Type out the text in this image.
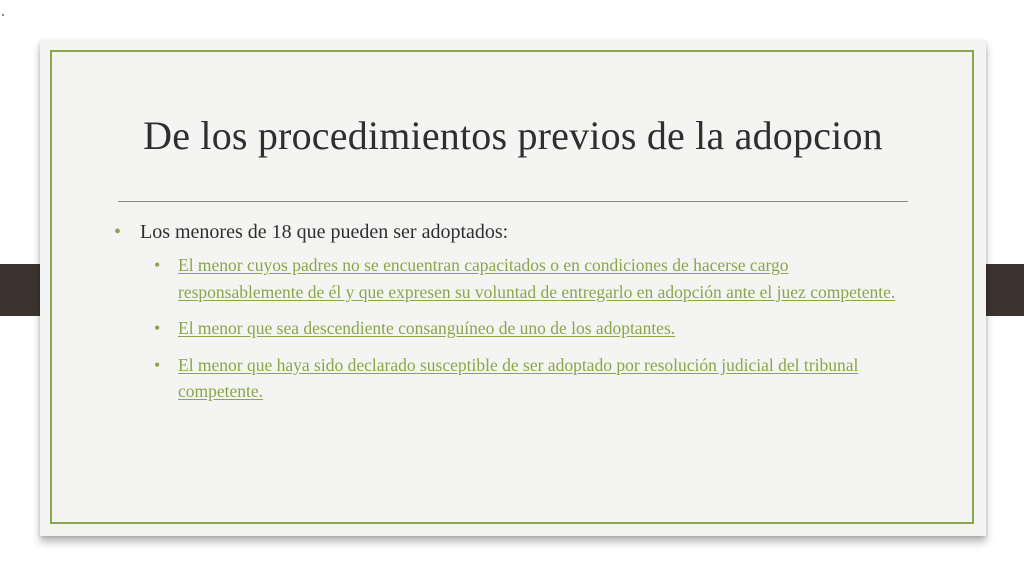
De los procedimientos previos de la adopcion
• Los menores de 18 que pueden ser adoptados:
• El menor cuyos padres no se encuentran capacitados o en condiciones de hacerse cargo responsablemente de él y que expresen su voluntad de entregarlo en adopción ante el juez competente.
• El menor que sea descendiente consanguíneo de uno de los adoptantes.
• El menor que haya sido declarado susceptible de ser adoptado por resolución judicial del tribunal competente.
